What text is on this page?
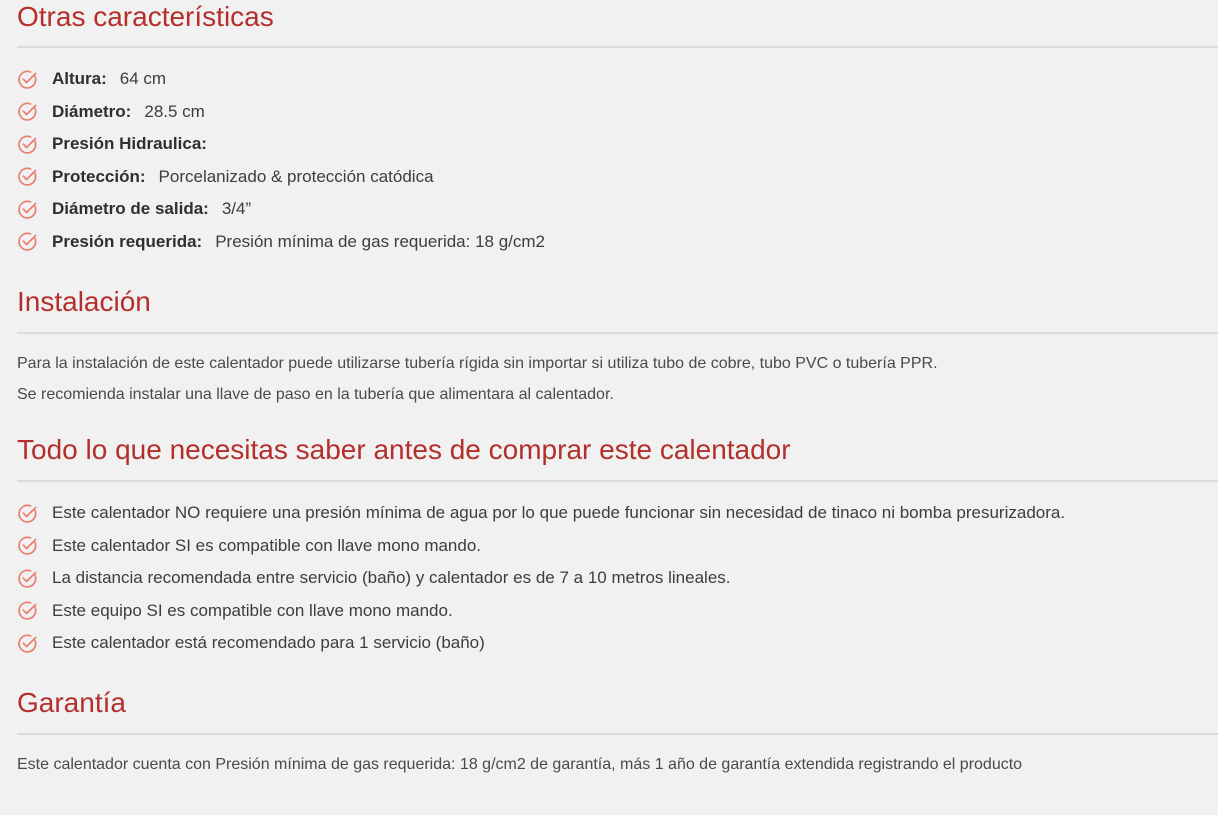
Otras características
Altura: 64 cm
Diámetro: 28.5 cm
Presión Hidraulica:
Protección: Porcelanizado & protección catódica
Diámetro de salida: 3/4”
Presión requerida: Presión mínima de gas requerida: 18 g/cm2
Instalación

Para la instalación de este calentador puede utilizarse tubería rígida sin importar si utiliza tubo de cobre, tubo PVC o tubería PPR.

Se recomienda instalar una llave de paso en la tubería que alimentara al calentador.

Todo lo que necesitas saber antes de comprar este calentador
Este calentador NO requiere una presión mínima de agua por lo que puede funcionar sin necesidad de tinaco ni bomba presurizadora.
Este calentador SI es compatible con llave mono mando.
La distancia recomendada entre servicio (baño) y calentador es de 7 a 10 metros lineales.
Este equipo SI es compatible con llave mono mando.
Este calentador está recomendado para 1 servicio (baño)
Garantía

Este calentador cuenta con Presión mínima de gas requerida: 18 g/cm2 de garantía, más 1 año de garantía extendida registrando el producto
